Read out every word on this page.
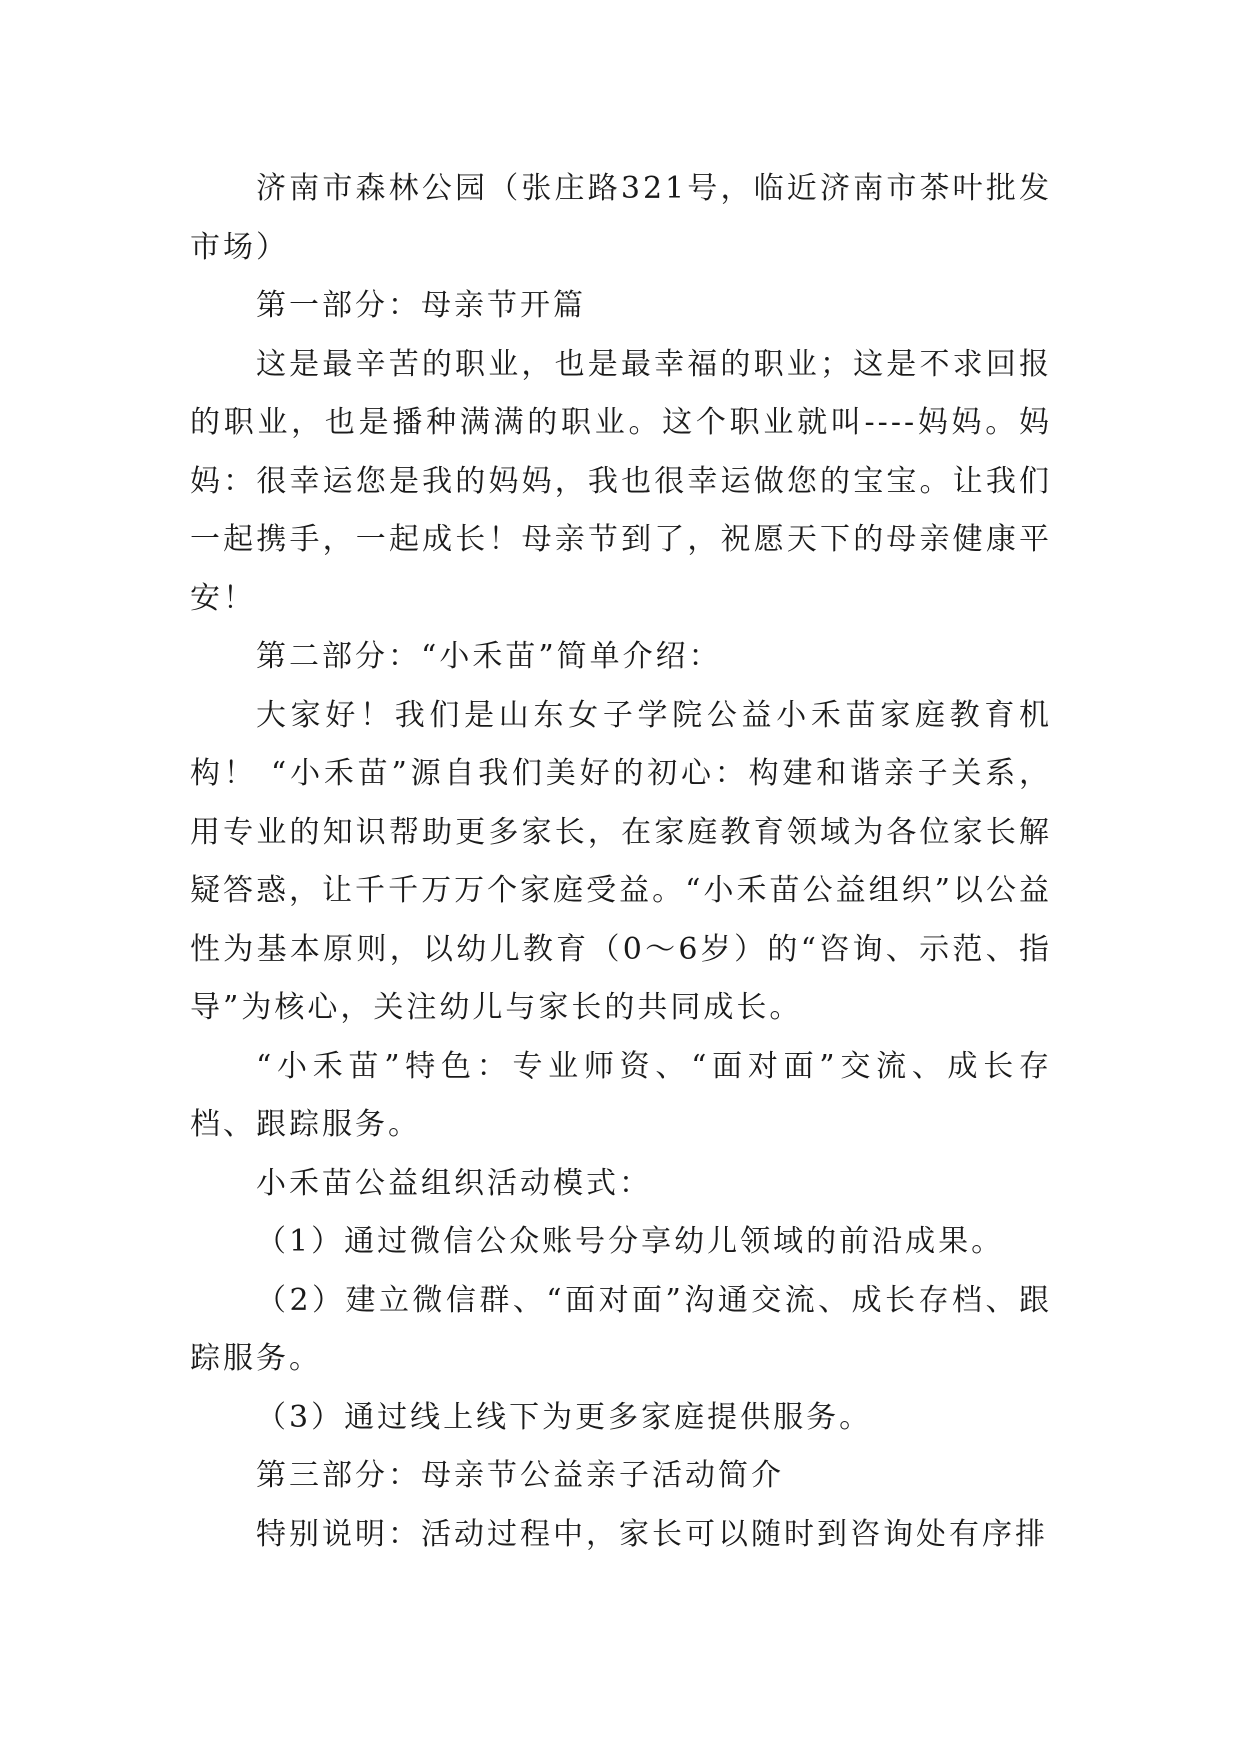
济南市森林公园（张庄路321号，临近济南市茶叶批发市场）

第一部分：母亲节开篇

这是最辛苦的职业，也是最幸福的职业；这是不求回报的职业，也是播种满满的职业。这个职业就叫----妈妈。妈妈：很幸运您是我的妈妈，我也很幸运做您的宝宝。让我们一起携手，一起成长！母亲节到了，祝愿天下的母亲健康平安！

第二部分：“小禾苗”简单介绍：

大家好！我们是山东女子学院公益小禾苗家庭教育机构！ “小禾苗”源自我们美好的初心：构建和谐亲子关系，用专业的知识帮助更多家长，在家庭教育领域为各位家长解疑答惑，让千千万万个家庭受益。“小禾苗公益组织”以公益性为基本原则，以幼儿教育（0～6岁）的“咨询、示范、指导”为核心，关注幼儿与家长的共同成长。

“小禾苗”特色：专业师资、“面对面”交流、成长存档、跟踪服务。

小禾苗公益组织活动模式：

（1）通过微信公众账号分享幼儿领域的前沿成果。

（2）建立微信群、“面对面”沟通交流、成长存档、跟踪服务。

（3）通过线上线下为更多家庭提供服务。

第三部分：母亲节公益亲子活动简介

特别说明：活动过程中，家长可以随时到咨询处有序排
